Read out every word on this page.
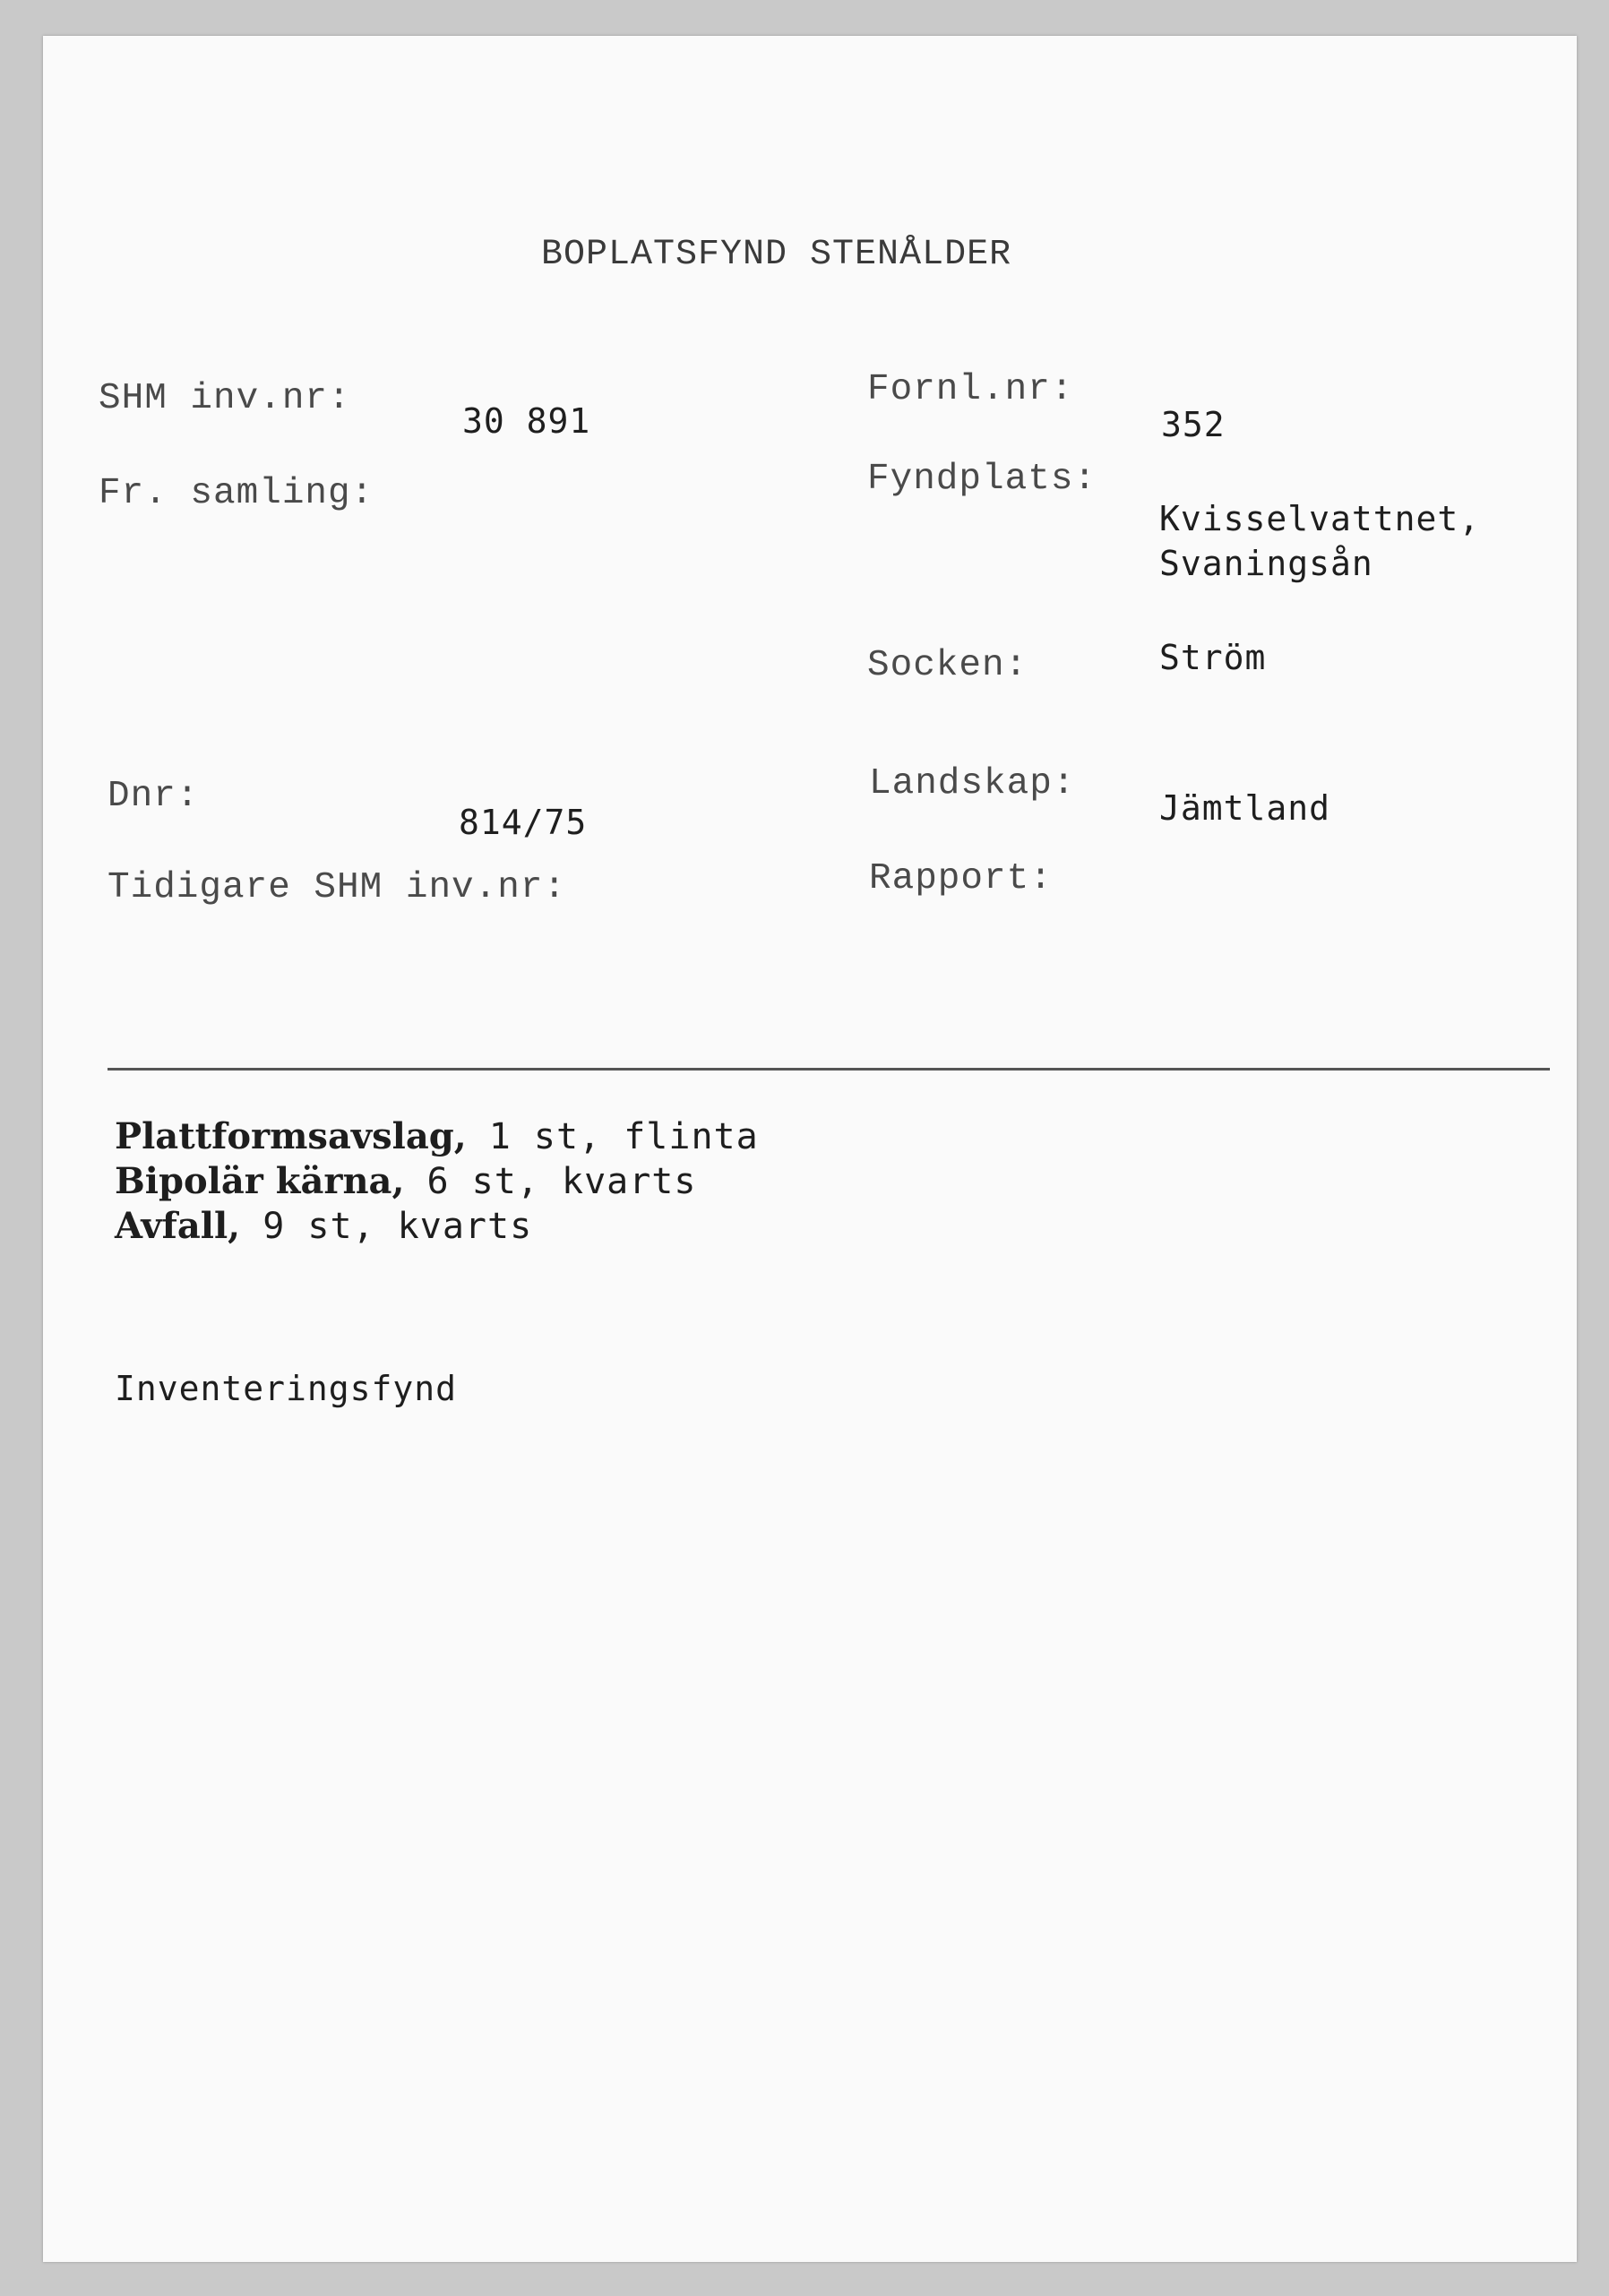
BOPLATSFYND STENÅLDER
SHM inv.nr:
30 891
Fr. samling:
Dnr:
814/75
Tidigare SHM inv.nr:
Fornl.nr:
352
Fyndplats:
Kvisselvattnet,
Svaningsån
Socken:	Ström
Landskap:
Jämtland
Rapport:
Plattformsavslag, 1 st, flinta
Bipolär kärna, 6 st, kvarts
Avfall, 9 st, kvarts
Inventeringsfynd
